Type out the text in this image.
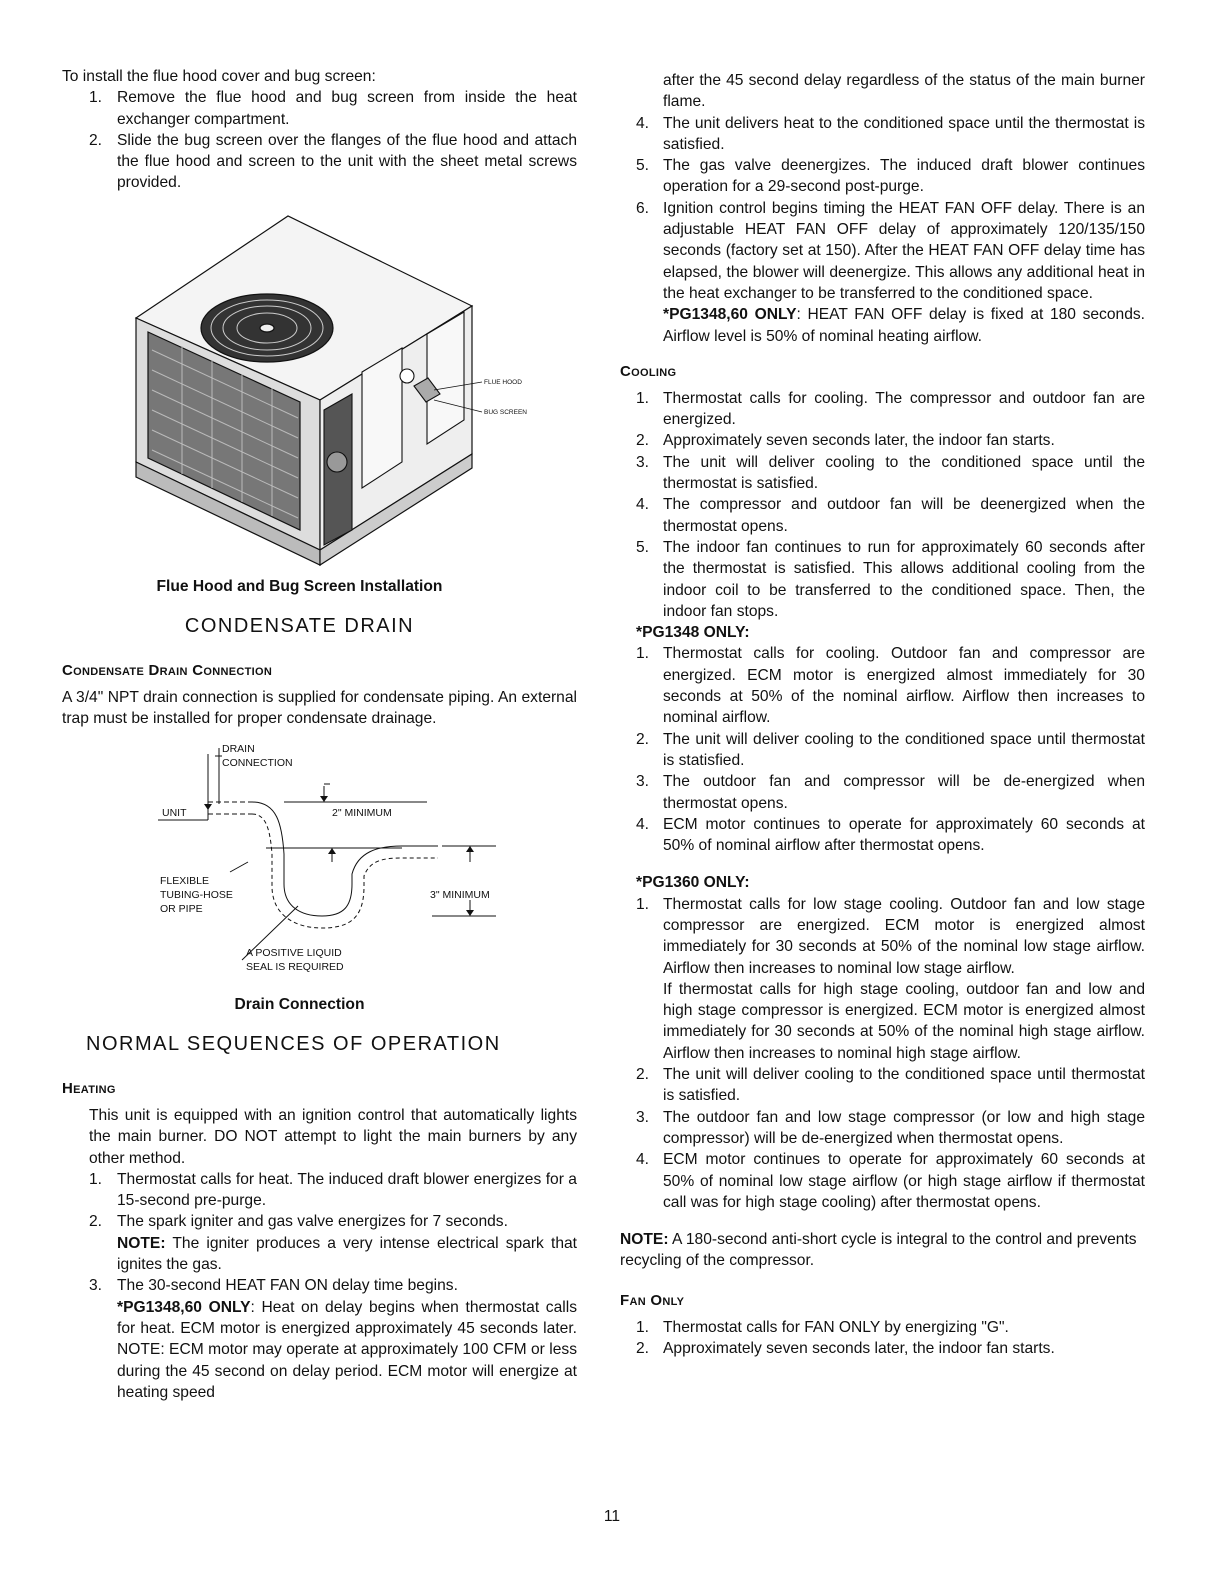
To install the flue hood cover and bug screen:

1. Remove the flue hood and bug screen from inside the heat exchanger compartment.
2. Slide the bug screen over the flanges of the flue hood and attach the flue hood and screen to the unit with the sheet metal screws provided.
FLUE HOOD
BUG SCREEN

Flue Hood and Bug Screen Installation

CONDENSATE DRAIN
Condensate Drain Connection

A 3/4" NPT drain connection is supplied for condensate piping. An external trap must be installed for proper condensate drainage.

DRAIN
CONNECTION
UNIT	2" MINIMUM
FLEXIBLE
TUBING-HOSE
OR PIPE
3" MINIMUM
A POSITIVE LIQUID
SEAL IS REQUIRED

Drain Connection

NORMAL SEQUENCES OF OPERATION
Heating

This unit is equipped with an ignition control that automatically lights the main burner. DO NOT attempt to light the main burners by any other method.

1. Thermostat calls for heat. The induced draft blower energizes for a 15-second pre-purge.
2. The spark igniter and gas valve energizes for 7 seconds.
NOTE: The igniter produces a very intense electrical spark that ignites the gas.
3. The 30-second HEAT FAN ON delay time begins.
*PG1348,60 ONLY: Heat on delay begins when thermostat calls for heat. ECM motor is energized approximately 45 seconds later. NOTE: ECM motor may operate at approximately 100 CFM or less during the 45 second on delay period. ECM motor will energize at heating speed

after the 45 second delay regardless of the status of the main burner flame.

4. The unit delivers heat to the conditioned space until the thermostat is satisfied.
5. The gas valve deenergizes. The induced draft blower continues operation for a 29-second post-purge.
6. Ignition control begins timing the HEAT FAN OFF delay. There is an adjustable HEAT FAN OFF delay of approximately 120/135/150 seconds (factory set at 150). After the HEAT FAN OFF delay time has elapsed, the blower will deenergize. This allows any additional heat in the heat exchanger to be transferred to the conditioned space.
*PG1348,60 ONLY: HEAT FAN OFF delay is fixed at 180 seconds. Airflow level is 50% of nominal heating airflow.
Cooling
1. Thermostat calls for cooling. The compressor and outdoor fan are energized.
2. Approximately seven seconds later, the indoor fan starts.
3. The unit will deliver cooling to the conditioned space until the thermostat is satisfied.
4. The compressor and outdoor fan will be deenergized when the thermostat opens.
5. The indoor fan continues to run for approximately 60 seconds after the thermostat is satisfied. This allows additional cooling from the indoor coil to be transferred to the conditioned space. Then, the indoor fan stops.

*PG1348 ONLY:

1. Thermostat calls for cooling. Outdoor fan and compressor are energized. ECM motor is energized almost immediately for 30 seconds at 50% of the nominal airflow. Airflow then increases to nominal airflow.
2. The unit will deliver cooling to the conditioned space until thermostat is statisfied.
3. The outdoor fan and compressor will be de-energized when thermostat opens.
4. ECM motor continues to operate for approximately 60 seconds at 50% of nominal airflow after thermostat opens.

*PG1360 ONLY:

1. Thermostat calls for low stage cooling. Outdoor fan and low stage compressor are energized. ECM motor is energized almost immediately for 30 seconds at 50% of the nominal low stage airflow. Airflow then increases to nominal low stage airflow.
If thermostat calls for high stage cooling, outdoor fan and low and high stage compressor is energized. ECM motor is energized almost immediately for 30 seconds at 50% of the nominal high stage airflow. Airflow then increases to nominal high stage airflow.
2. The unit will deliver cooling to the conditioned space until thermostat is satisfied.
3. The outdoor fan and low stage compressor (or low and high stage compressor) will be de-energized when thermostat opens.
4. ECM motor continues to operate for approximately 60 seconds at 50% of nominal low stage airflow (or high stage airflow if thermostat call was for high stage cooling) after thermostat opens.

NOTE: A 180-second anti-short cycle is integral to the control and prevents recycling of the compressor.

Fan Only
1. Thermostat calls for FAN ONLY by energizing "G".
2. Approximately seven seconds later, the indoor fan starts.
11
